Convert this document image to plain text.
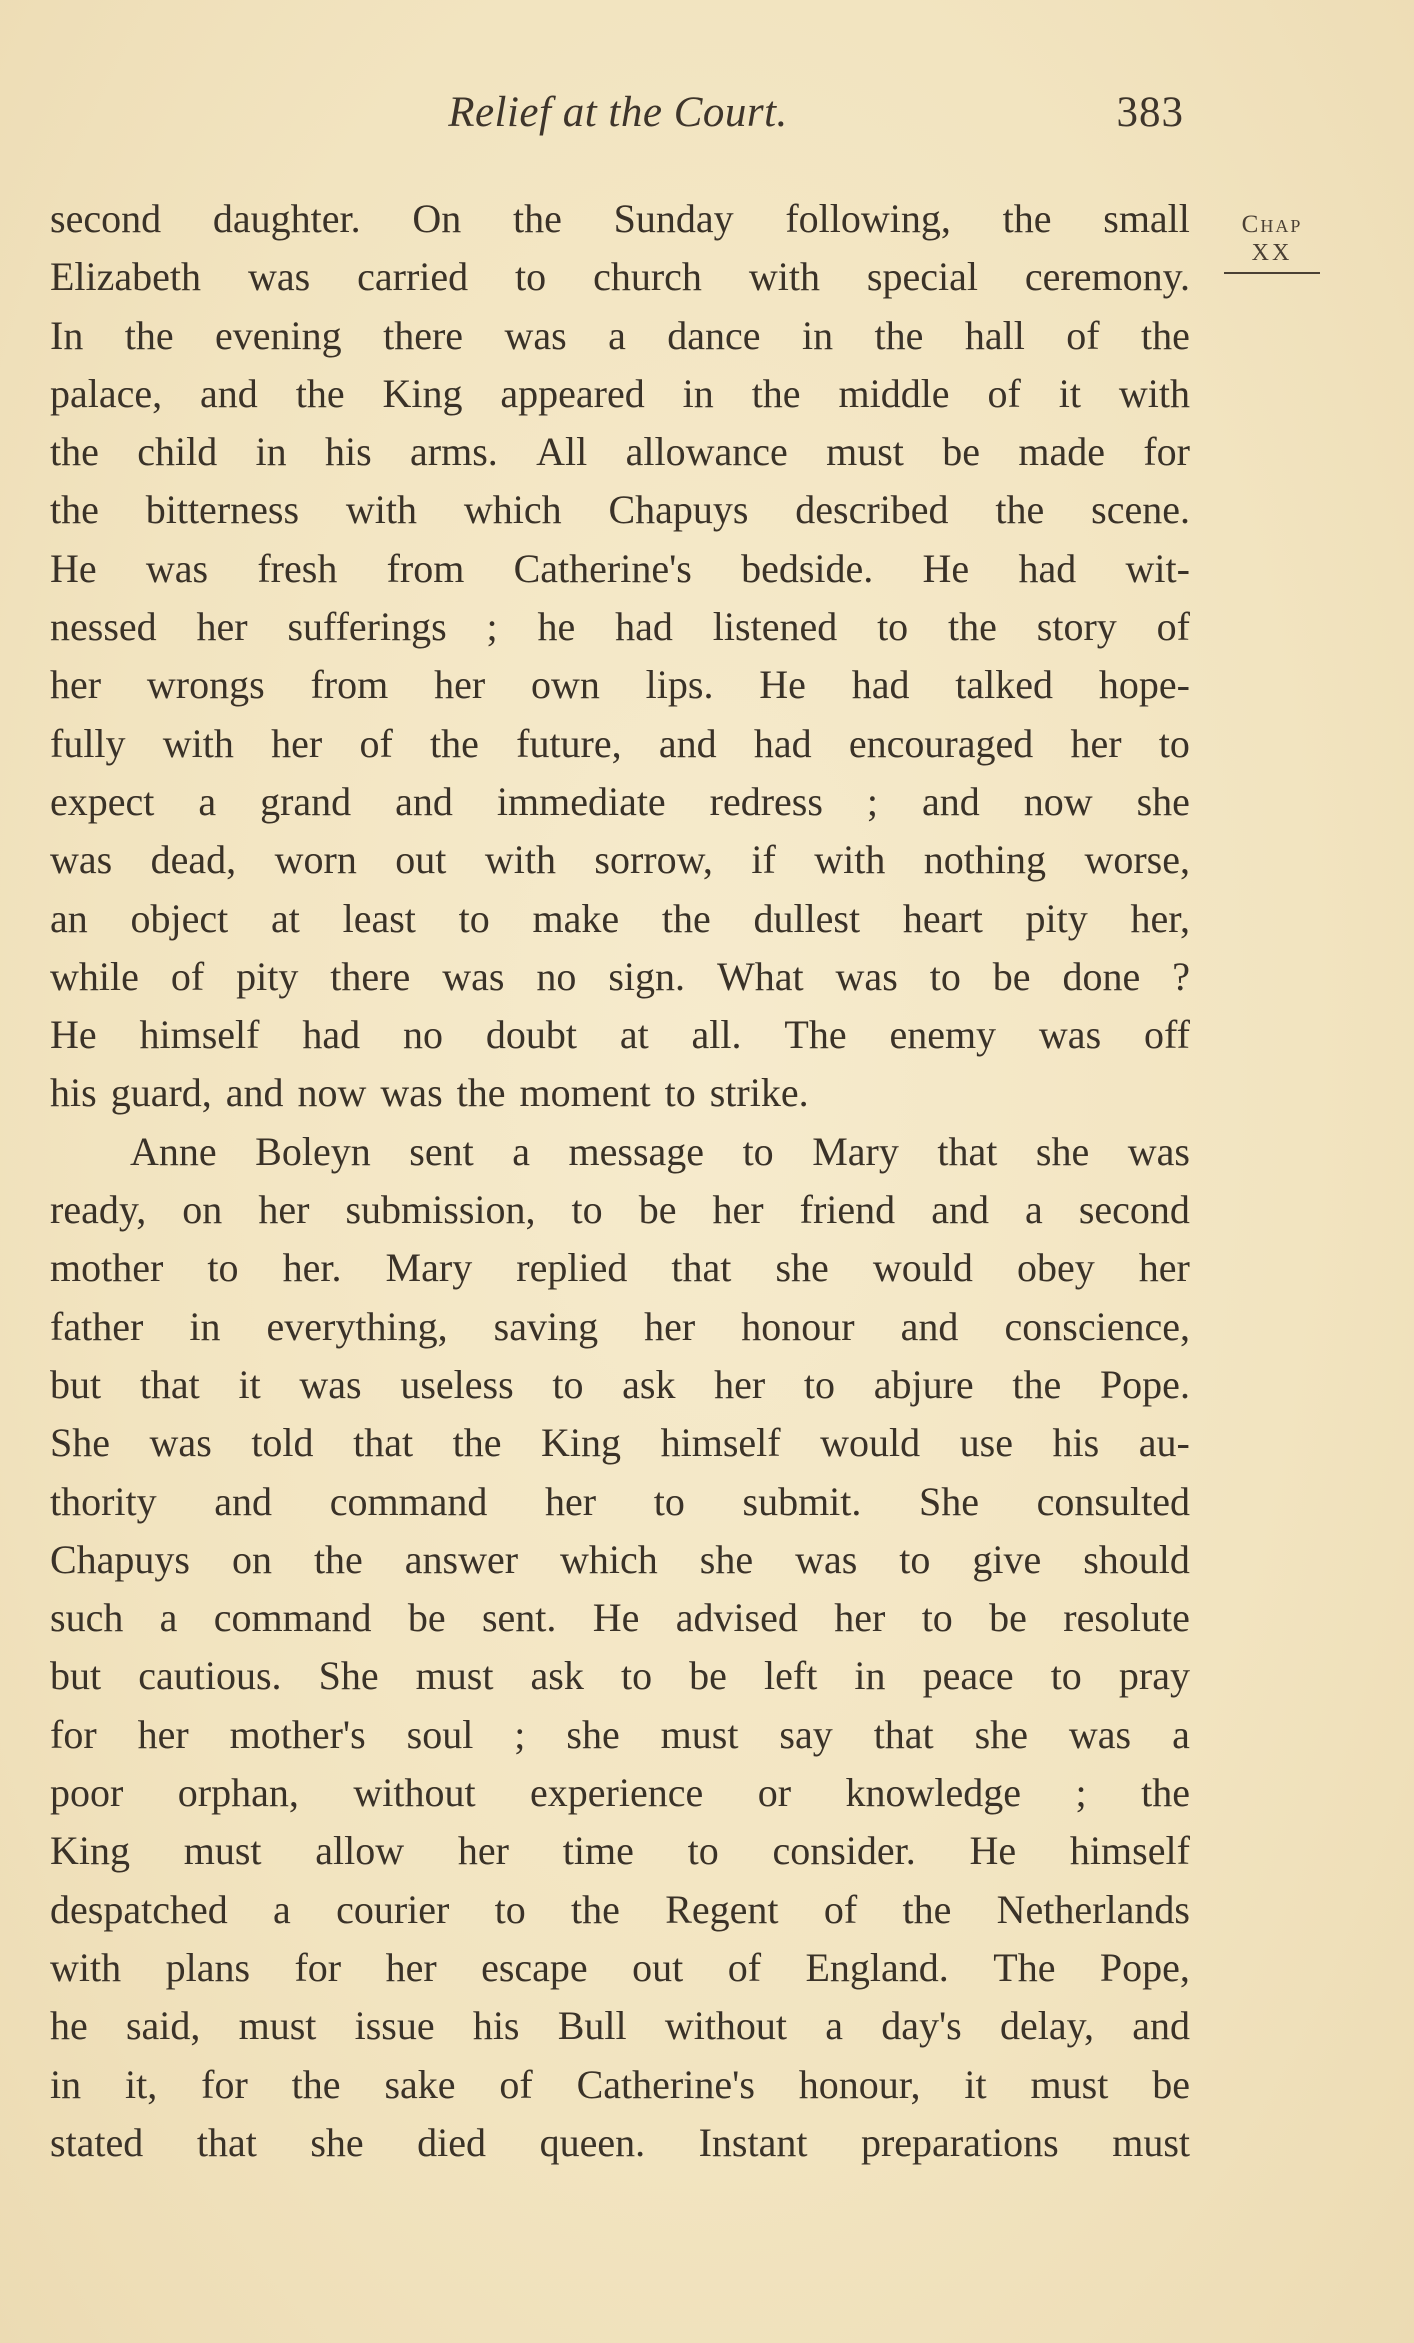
Relief at the Court.	383
Chap
XX
second daughter. On the Sunday following, the small
Elizabeth was carried to church with special ceremony.
In the evening there was a dance in the hall of the
palace, and the King appeared in the middle of it with
the child in his arms. All allowance must be made for
the bitterness with which Chapuys described the scene.
He was fresh from Catherine's bedside. He had wit-
nessed her sufferings ; he had listened to the story of
her wrongs from her own lips. He had talked hope-
fully with her of the future, and had encouraged her to
expect a grand and immediate redress ; and now she
was dead, worn out with sorrow, if with nothing worse,
an object at least to make the dullest heart pity her,
while of pity there was no sign. What was to be done ?
He himself had no doubt at all. The enemy was off
his guard, and now was the moment to strike.
Anne Boleyn sent a message to Mary that she was
ready, on her submission, to be her friend and a second
mother to her. Mary replied that she would obey her
father in everything, saving her honour and conscience,
but that it was useless to ask her to abjure the Pope.
She was told that the King himself would use his au-
thority and command her to submit. She consulted
Chapuys on the answer which she was to give should
such a command be sent. He advised her to be resolute
but cautious. She must ask to be left in peace to pray
for her mother's soul ; she must say that she was a
poor orphan, without experience or knowledge ; the
King must allow her time to consider. He himself
despatched a courier to the Regent of the Netherlands
with plans for her escape out of England. The Pope,
he said, must issue his Bull without a day's delay, and
in it, for the sake of Catherine's honour, it must be
stated that she died queen. Instant preparations must
